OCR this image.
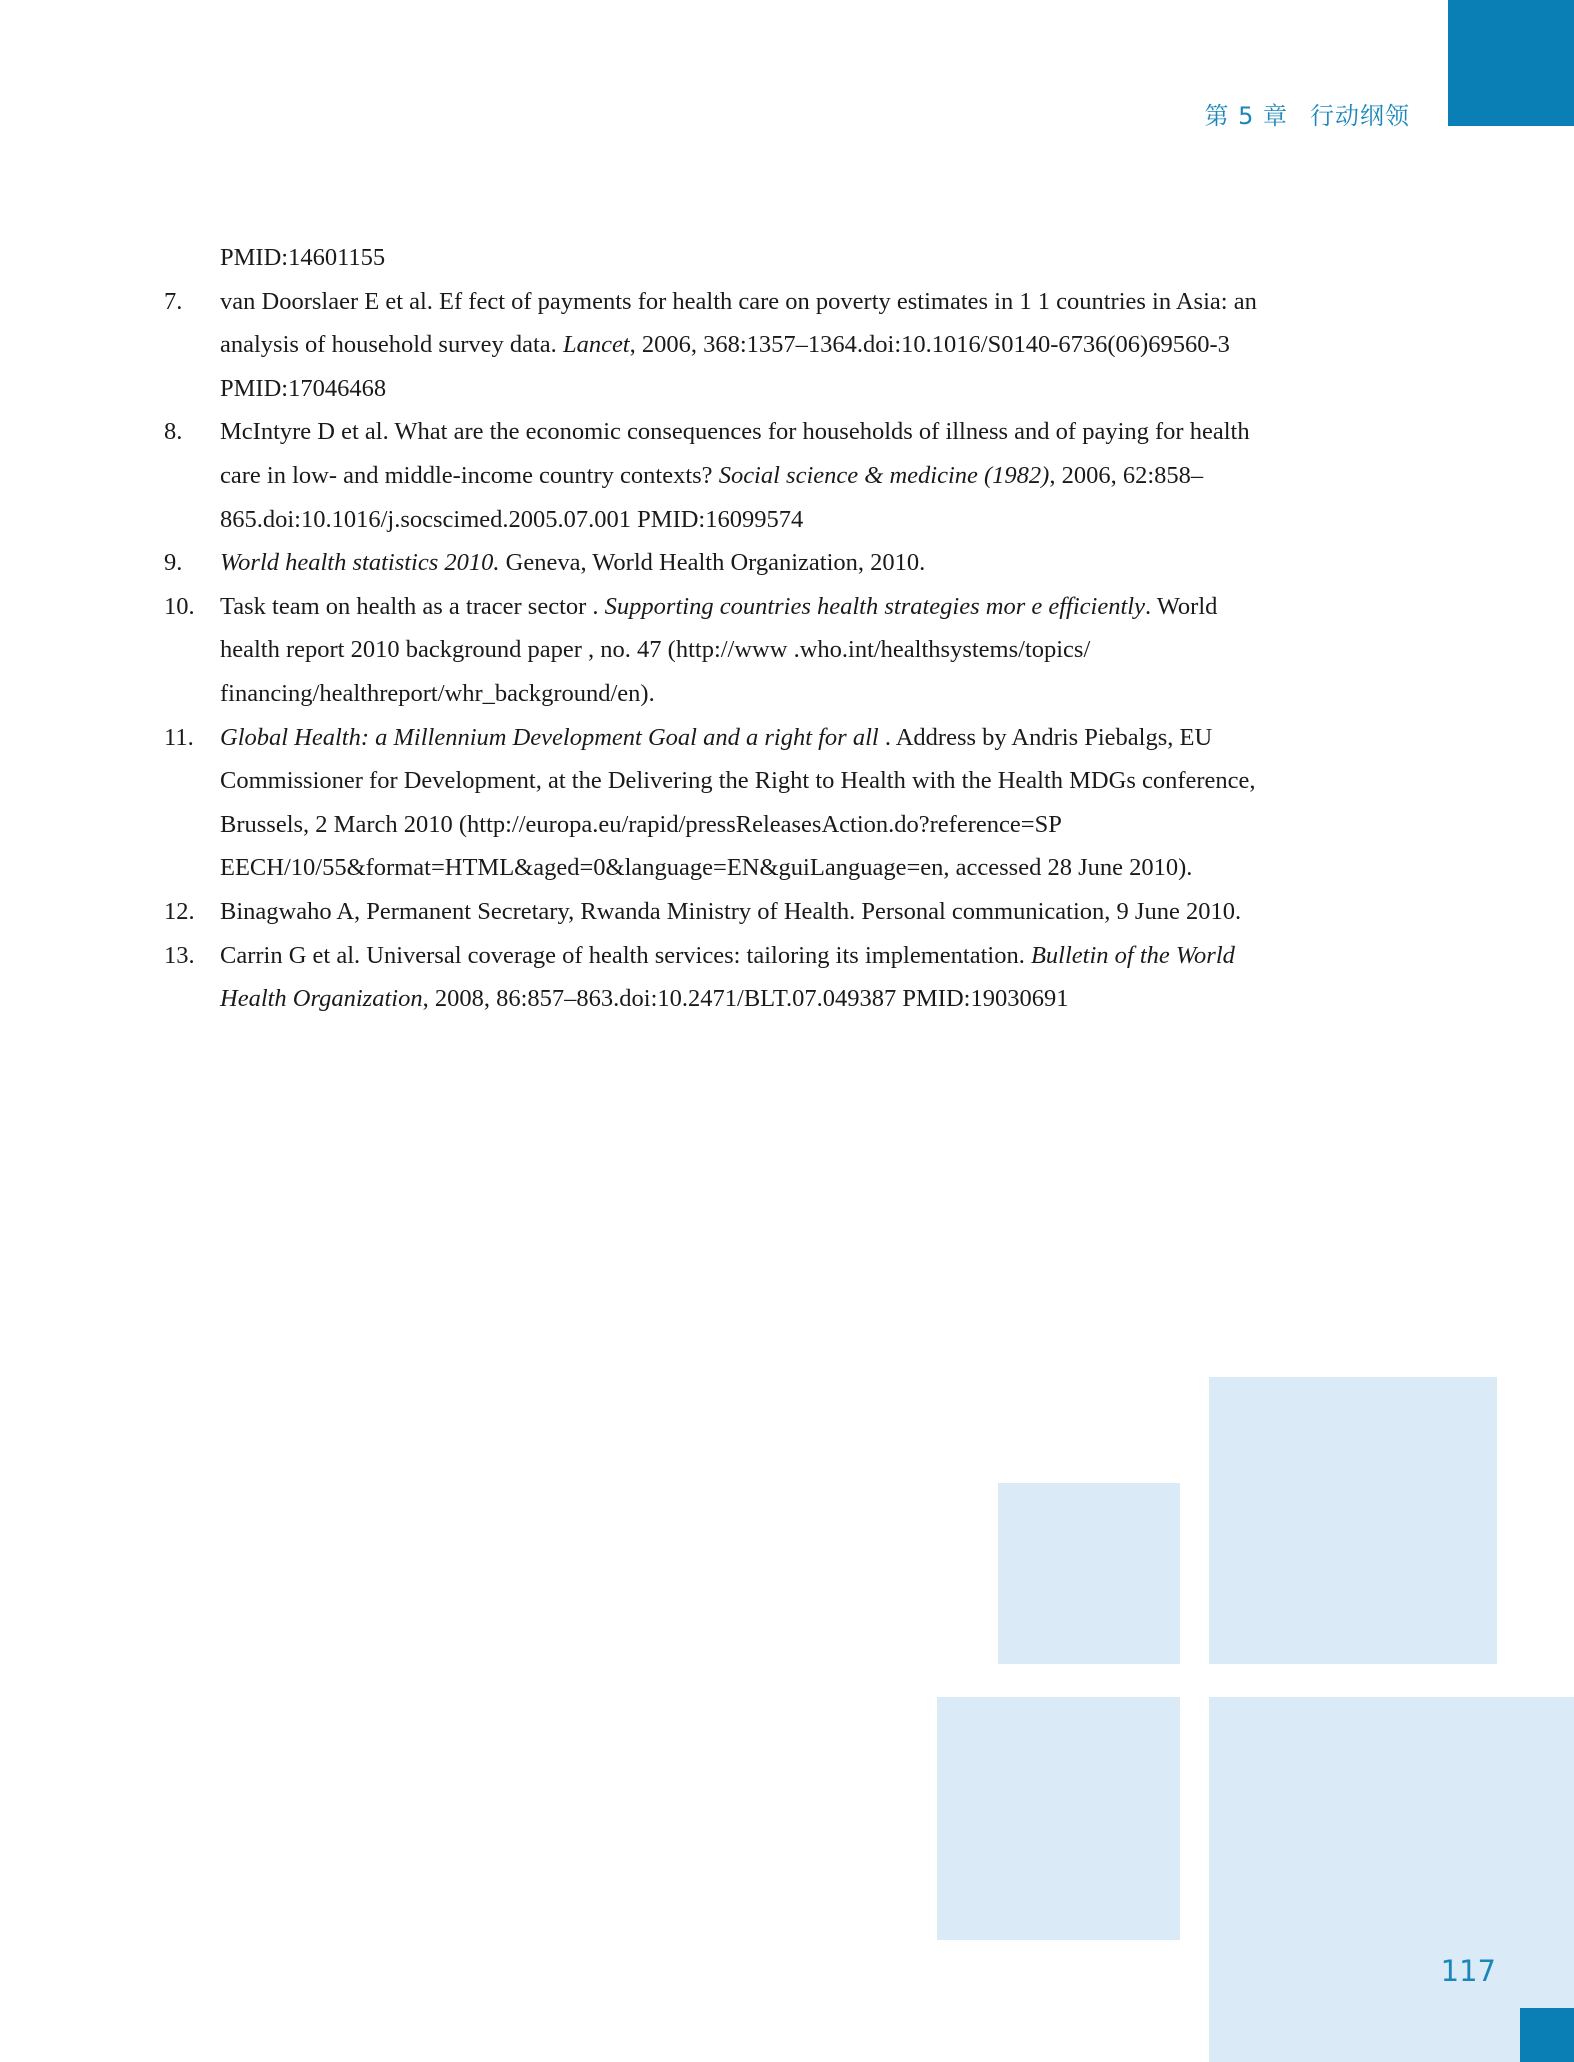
第 5 章 行动纲领
PMID:14601155
7. van Doorslaer E et al. Ef fect of payments for health care on poverty estimates in 1 1 countries in Asia: an analysis of household survey data. Lancet, 2006, 368:1357–1364.doi:10.1016/S0140-6736(06)69560-3 PMID:17046468
8. McIntyre D et al. What are the economic consequences for households of illness and of paying for health care in low- and middle-income country contexts? Social science & medicine (1982), 2006, 62:858–865.doi:10.1016/j.socscimed.2005.07.001 PMID:16099574
9. World health statistics 2010. Geneva, World Health Organization, 2010.
10. Task team on health as a tracer sector . Supporting countries health strategies mor e efficiently. World health report 2010 background paper , no. 47 (http://www .who.int/healthsystems/topics/ financing/healthreport/whr_background/en).
11. Global Health: a Millennium Development Goal and a right for all . Address by Andris Piebalgs, EU Commissioner for Development, at the Delivering the Right to Health with the Health MDGs conference, Brussels, 2 March 2010 (http://europa.eu/rapid/pressReleasesAction.do?reference=SP EECH/10/55&format=HTML&aged=0&language=EN&guiLanguage=en, accessed 28 June 2010).
12. Binagwaho A, Permanent Secretary, Rwanda Ministry of Health. Personal communication, 9 June 2010.
13. Carrin G et al. Universal coverage of health services: tailoring its implementation. Bulletin of the World Health Organization, 2008, 86:857–863.doi:10.2471/BLT.07.049387 PMID:19030691
117
